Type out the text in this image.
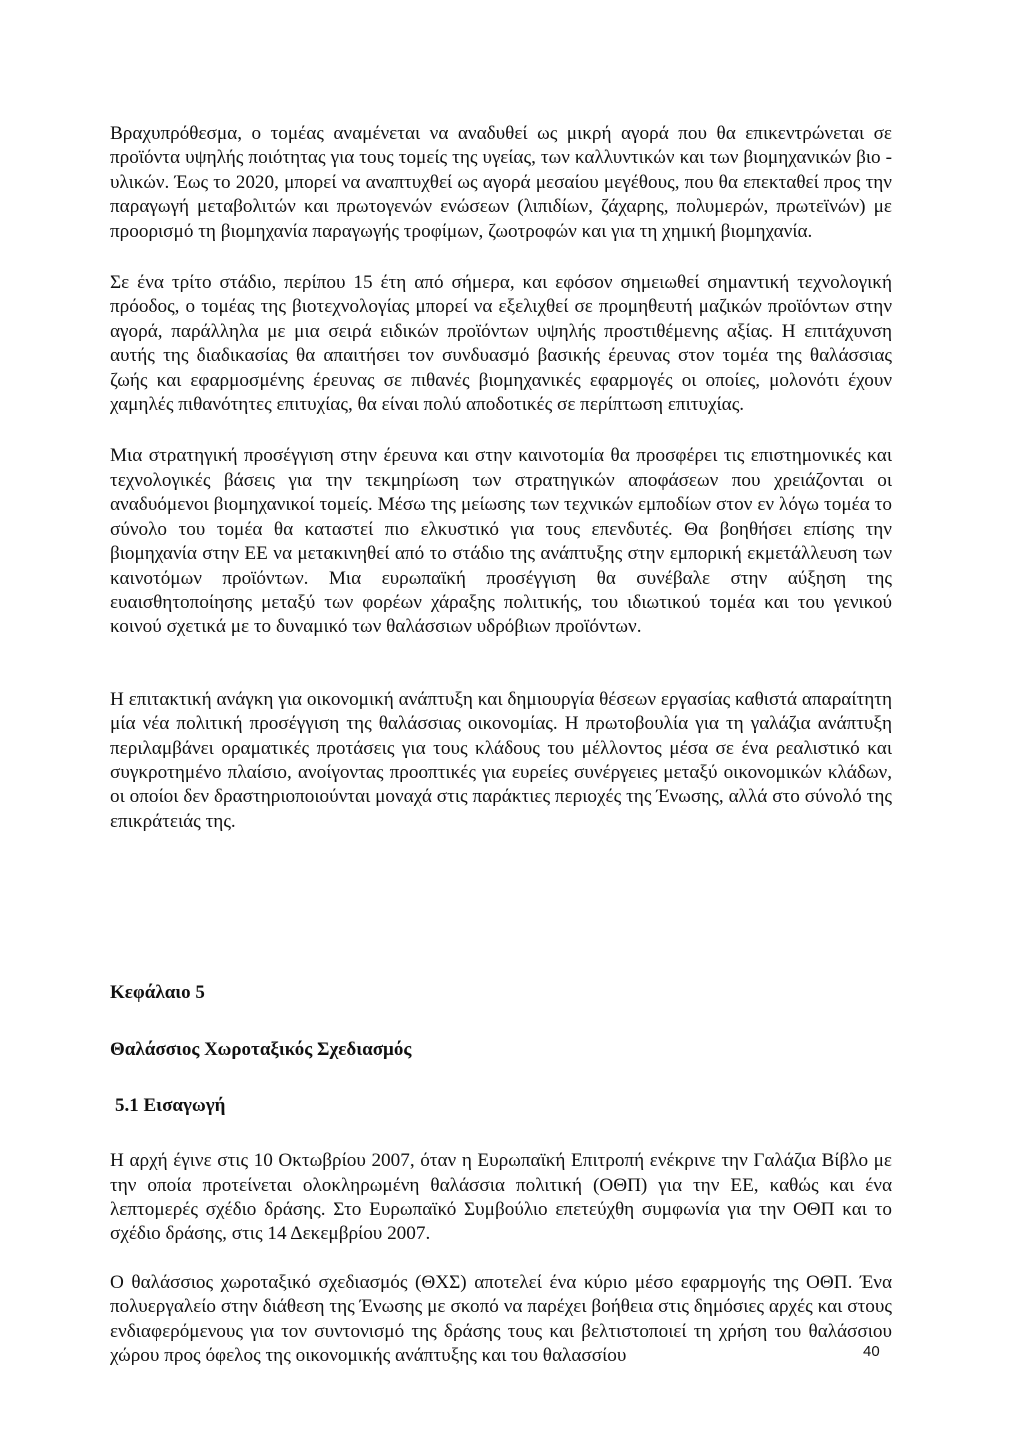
Βραχυπρόθεσμα, ο τομέας αναμένεται να αναδυθεί ως μικρή αγορά που θα επικεντρώνεται σε προϊόντα υψηλής ποιότητας για τους τομείς της υγείας, των καλλυντικών και των βιομηχανικών βιο - υλικών. Έως το 2020, μπορεί να αναπτυχθεί ως αγορά μεσαίου μεγέθους, που θα επεκταθεί προς την παραγωγή μεταβολιτών και πρωτογενών ενώσεων (λιπιδίων, ζάχαρης, πολυμερών, πρωτεϊνών) με προορισμό τη βιομηχανία παραγωγής τροφίμων, ζωοτροφών και για τη χημική βιομηχανία.

Σε ένα τρίτο στάδιο, περίπου 15 έτη από σήμερα, και εφόσον σημειωθεί σημαντική τεχνολογική πρόοδος, ο τομέας της βιοτεχνολογίας μπορεί να εξελιχθεί σε προμηθευτή μαζικών προϊόντων στην αγορά, παράλληλα με μια σειρά ειδικών προϊόντων υψηλής προστιθέμενης αξίας. Η επιτάχυνση αυτής της διαδικασίας θα απαιτήσει τον συνδυασμό βασικής έρευνας στον τομέα της θαλάσσιας ζωής και εφαρμοσμένης έρευνας σε πιθανές βιομηχανικές εφαρμογές οι οποίες, μολονότι έχουν χαμηλές πιθανότητες επιτυχίας, θα είναι πολύ αποδοτικές σε περίπτωση επιτυχίας.

Μια στρατηγική προσέγγιση στην έρευνα και στην καινοτομία θα προσφέρει τις επιστημονικές και τεχνολογικές βάσεις για την τεκμηρίωση των στρατηγικών αποφάσεων που χρειάζονται οι αναδυόμενοι βιομηχανικοί τομείς. Μέσω της μείωσης των τεχνικών εμποδίων στον εν λόγω τομέα το σύνολο του τομέα θα καταστεί πιο ελκυστικό για τους επενδυτές. Θα βοηθήσει επίσης την βιομηχανία στην ΕΕ να μετακινηθεί από το στάδιο της ανάπτυξης στην εμπορική εκμετάλλευση των καινοτόμων προϊόντων. Μια ευρωπαϊκή προσέγγιση θα συνέβαλε στην αύξηση της ευαισθητοποίησης μεταξύ των φορέων χάραξης πολιτικής, του ιδιωτικού τομέα και του γενικού κοινού σχετικά με το δυναμικό των θαλάσσιων υδρόβιων προϊόντων.

Η επιτακτική ανάγκη για οικονομική ανάπτυξη και δημιουργία θέσεων εργασίας καθιστά απαραίτητη μία νέα πολιτική προσέγγιση της θαλάσσιας οικονομίας. Η πρωτοβουλία για τη γαλάζια ανάπτυξη περιλαμβάνει οραματικές προτάσεις για τους κλάδους του μέλλοντος μέσα σε ένα ρεαλιστικό και συγκροτημένο πλαίσιο, ανοίγοντας προοπτικές για ευρείες συνέργειες μεταξύ οικονομικών κλάδων, οι οποίοι δεν δραστηριοποιούνται μοναχά στις παράκτιες περιοχές της Ένωσης, αλλά στο σύνολό της επικράτειάς της.

Κεφάλαιο 5

Θαλάσσιος Χωροταξικός Σχεδιασμός

5.1 Εισαγωγή

Η αρχή έγινε στις 10 Οκτωβρίου 2007, όταν η Ευρωπαϊκή Επιτροπή ενέκρινε την Γαλάζια Βίβλο με την οποία προτείνεται ολοκληρωμένη θαλάσσια πολιτική (ΟΘΠ) για την ΕΕ, καθώς και ένα λεπτομερές σχέδιο δράσης. Στο Ευρωπαϊκό Συμβούλιο επετεύχθη συμφωνία για την ΟΘΠ και το σχέδιο δράσης, στις 14 Δεκεμβρίου 2007.

Ο θαλάσσιος χωροταξικό σχεδιασμός (ΘΧΣ) αποτελεί ένα κύριο μέσο εφαρμογής της ΟΘΠ. Ένα πολυεργαλείο στην διάθεση της Ένωσης με σκοπό να παρέχει βοήθεια στις δημόσιες αρχές και στους ενδιαφερόμενους για τον συντονισμό της δράσης τους και βελτιστοποιεί τη χρήση του θαλάσσιου χώρου προς όφελος της οικονομικής ανάπτυξης και του θαλασσίου	40
